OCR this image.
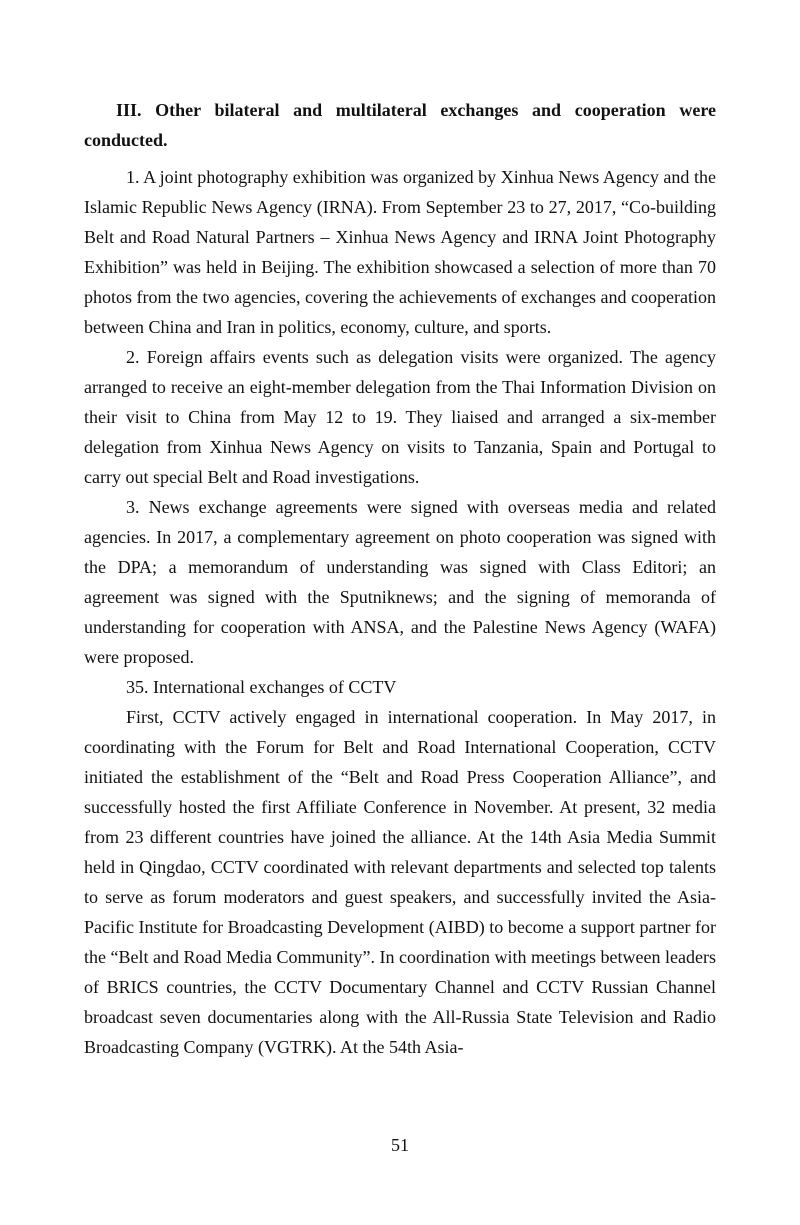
III. Other bilateral and multilateral exchanges and cooperation were conducted.

1. A joint photography exhibition was organized by Xinhua News Agency and the Islamic Republic News Agency (IRNA). From September 23 to 27, 2017, “Co-building Belt and Road Natural Partners – Xinhua News Agency and IRNA Joint Photography Exhibition” was held in Beijing. The exhibition showcased a selection of more than 70 photos from the two agencies, covering the achievements of exchanges and cooperation between China and Iran in politics, economy, culture, and sports.

2. Foreign affairs events such as delegation visits were organized. The agency arranged to receive an eight-member delegation from the Thai Information Division on their visit to China from May 12 to 19. They liaised and arranged a six-member delegation from Xinhua News Agency on visits to Tanzania, Spain and Portugal to carry out special Belt and Road investigations.

3. News exchange agreements were signed with overseas media and related agencies. In 2017, a complementary agreement on photo cooperation was signed with the DPA; a memorandum of understanding was signed with Class Editori; an agreement was signed with the Sputniknews; and the signing of memoranda of understanding for cooperation with ANSA, and the Palestine News Agency (WAFA) were proposed.

35. International exchanges of CCTV

First, CCTV actively engaged in international cooperation. In May 2017, in coordinating with the Forum for Belt and Road International Cooperation, CCTV initiated the establishment of the “Belt and Road Press Cooperation Alliance”, and successfully hosted the first Affiliate Conference in November. At present, 32 media from 23 different countries have joined the alliance. At the 14th Asia Media Summit held in Qingdao, CCTV coordinated with relevant departments and selected top talents to serve as forum moderators and guest speakers, and successfully invited the Asia-Pacific Institute for Broadcasting Development (AIBD) to become a support partner for the “Belt and Road Media Community”. In coordination with meetings between leaders of BRICS countries, the CCTV Documentary Channel and CCTV Russian Channel broadcast seven documentaries along with the All-Russia State Television and Radio Broadcasting Company (VGTRK). At the 54th Asia-

51
